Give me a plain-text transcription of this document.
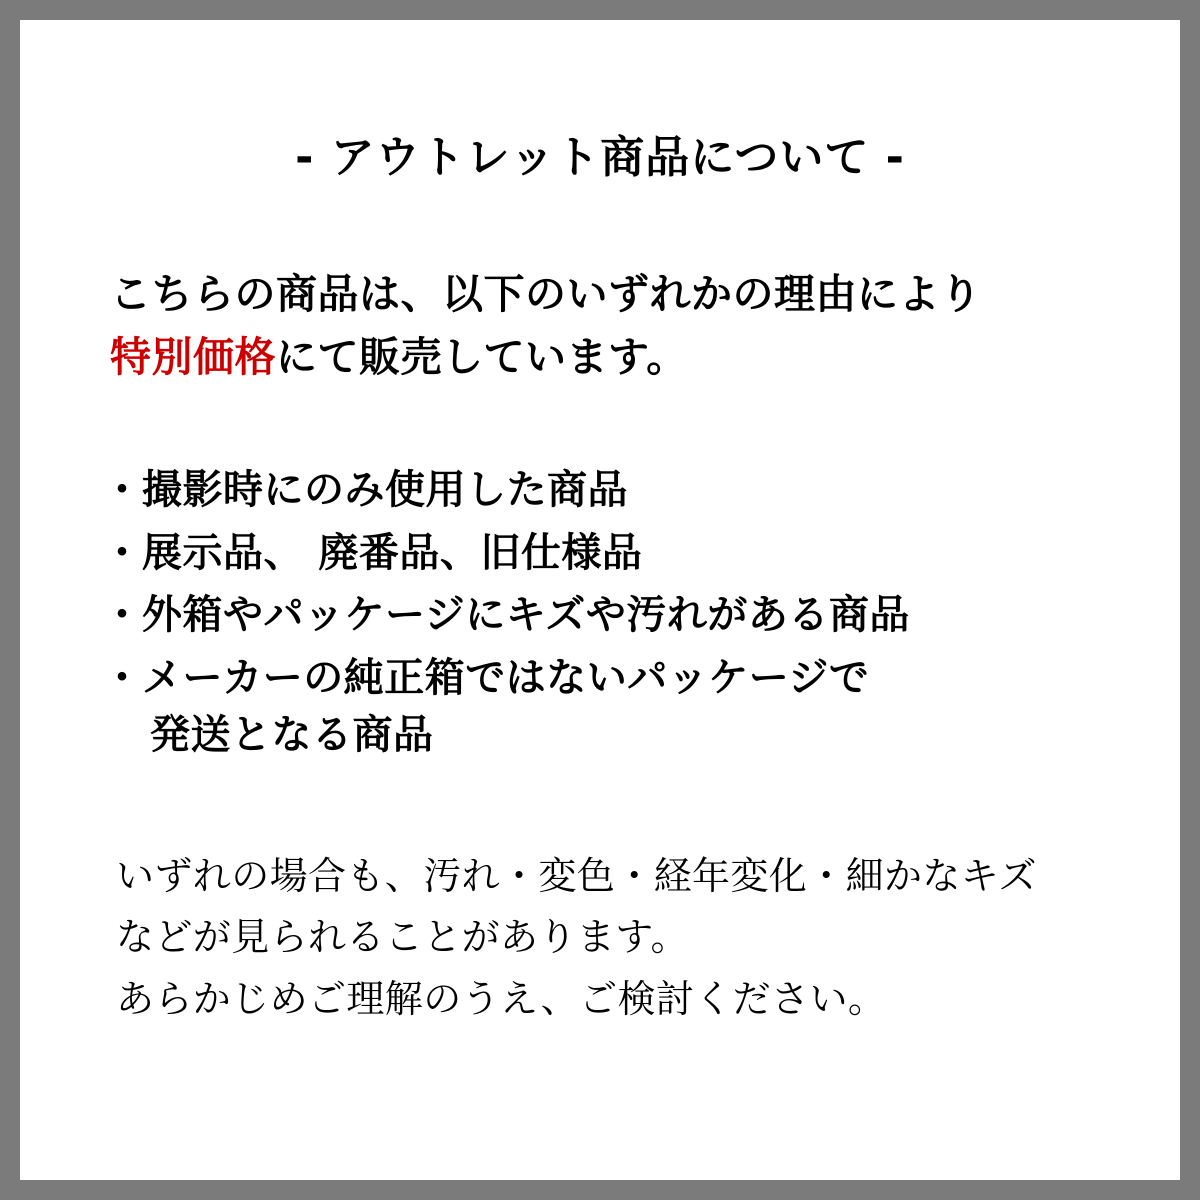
- アウトレット商品について -
こちらの商品は、以下のいずれかの理由により
特別価格にて販売しています。
・ 撮影時にのみ使用した商品
・ 展示品、 廃番品、旧仕様品
・ 外箱やパッケージにキズや汚れがある商品
・ メーカーの純正箱ではないパッケージで
発送となる商品

いずれの場合も、汚れ・変色・経年変化・細かなキズ

などが見られることがあります。

あらかじめご理解のうえ、ご検討ください。
